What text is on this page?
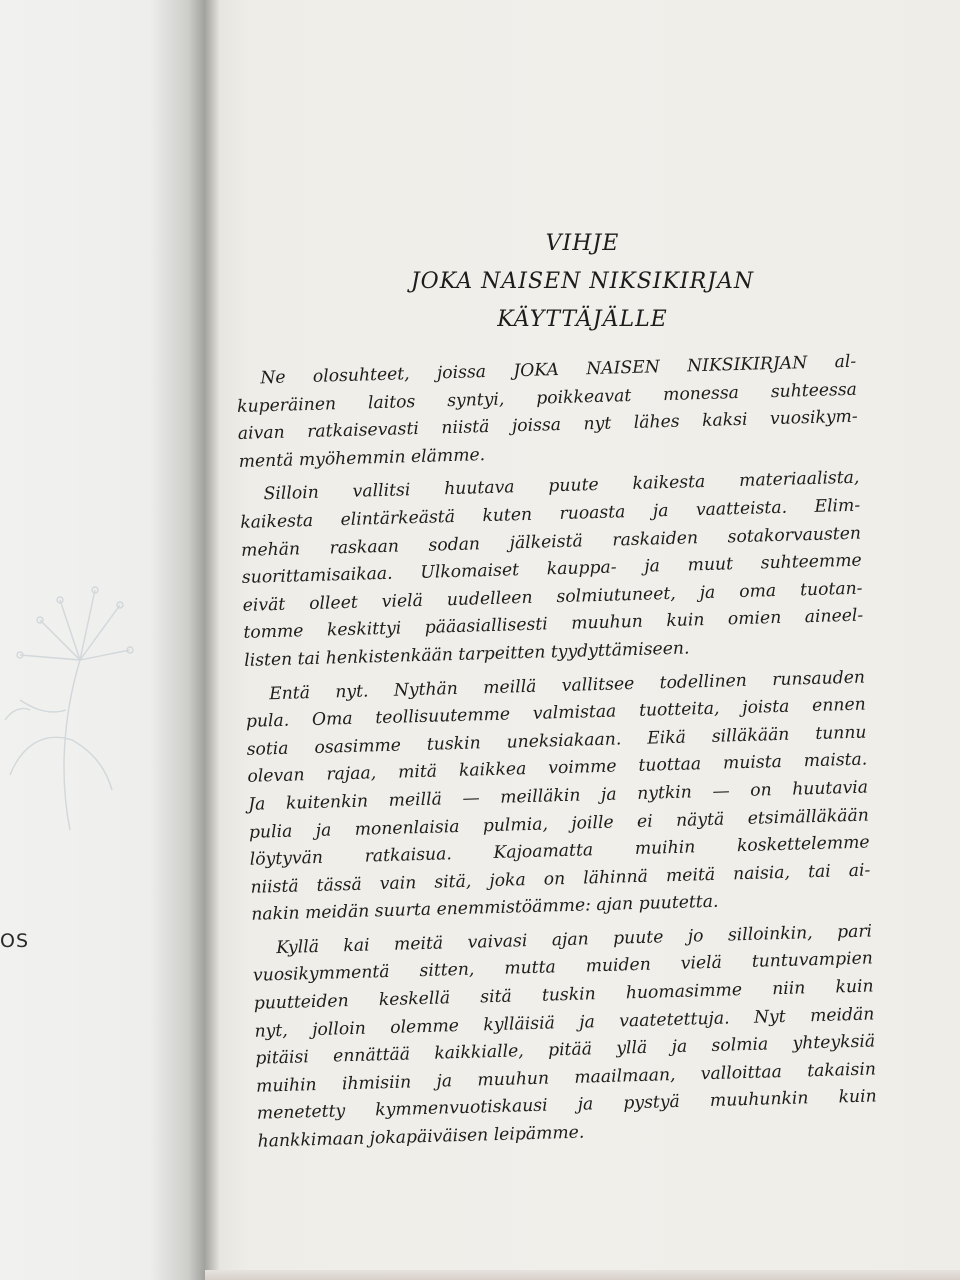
OS
VIHJE
JOKA NAISEN NIKSIKIRJAN
KÄYTTÄJÄLLE
Ne olosuhteet, joissa JOKA NAISEN NIKSIKIRJAN al-
kuperäinen laitos syntyi, poikkeavat monessa suhteessa
aivan ratkaisevasti niistä joissa nyt lähes kaksi vuosikym-
mentä myöhemmin elämme.
Silloin vallitsi huutava puute kaikesta materiaalista,
kaikesta elintärkeästä kuten ruoasta ja vaatteista. Elim-
mehän raskaan sodan jälkeistä raskaiden sotakorvausten
suorittamisaikaa. Ulkomaiset kauppa- ja muut suhteemme
eivät olleet vielä uudelleen solmiutuneet, ja oma tuotan-
tomme keskittyi pääasiallisesti muuhun kuin omien aineel-
listen tai henkistenkään tarpeitten tyydyttämiseen.
Entä nyt. Nythän meillä vallitsee todellinen runsauden
pula. Oma teollisuutemme valmistaa tuotteita, joista ennen
sotia osasimme tuskin uneksiakaan. Eikä silläkään tunnu
olevan rajaa, mitä kaikkea voimme tuottaa muista maista.
Ja kuitenkin meillä — meilläkin ja nytkin — on huutavia
pulia ja monenlaisia pulmia, joille ei näytä etsimälläkään
löytyvän ratkaisua. Kajoamatta muihin koskettelemme
niistä tässä vain sitä, joka on lähinnä meitä naisia, tai ai-
nakin meidän suurta enemmistöämme: ajan puutetta.
Kyllä kai meitä vaivasi ajan puute jo silloinkin, pari
vuosikymmentä sitten, mutta muiden vielä tuntuvampien
puutteiden keskellä sitä tuskin huomasimme niin kuin
nyt, jolloin olemme kylläisiä ja vaatetettuja. Nyt meidän
pitäisi ennättää kaikkialle, pitää yllä ja solmia yhteyksiä
muihin ihmisiin ja muuhun maailmaan, valloittaa takaisin
menetetty kymmenvuotiskausi ja pystyä muuhunkin kuin
hankkimaan jokapäiväisen leipämme.
